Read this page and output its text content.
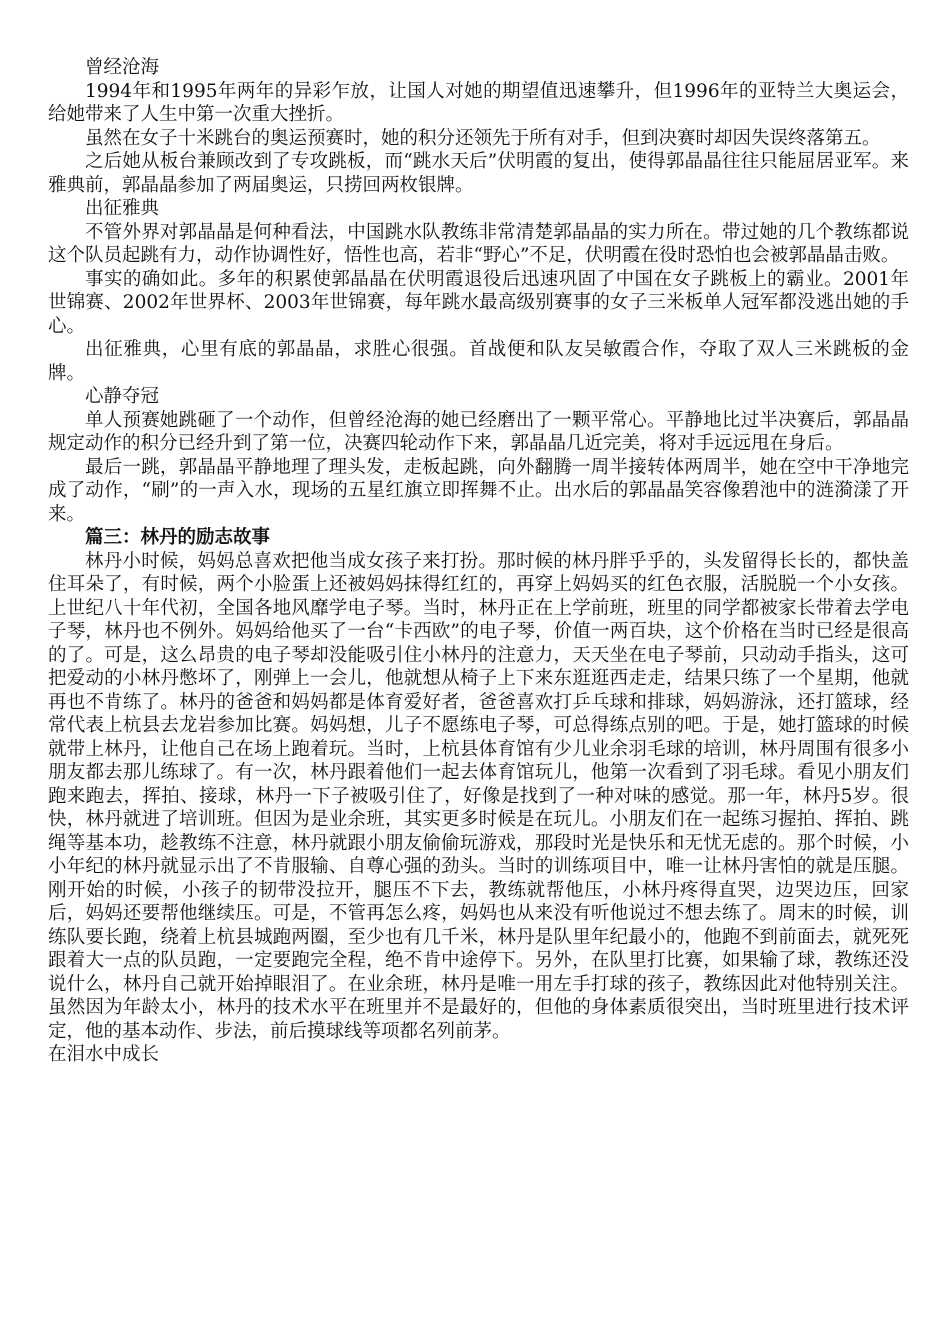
曾经沧海

1994年和1995年两年的异彩乍放，让国人对她的期望值迅速攀升，但1996年的亚特兰大奥运会，给她带来了人生中第一次重大挫折。

虽然在女子十米跳台的奥运预赛时，她的积分还领先于所有对手，但到决赛时却因失误终落第五。

之后她从板台兼顾改到了专攻跳板，而“跳水天后”伏明霞的复出，使得郭晶晶往往只能屈居亚军。来雅典前，郭晶晶参加了两届奥运，只捞回两枚银牌。

出征雅典

不管外界对郭晶晶是何种看法，中国跳水队教练非常清楚郭晶晶的实力所在。带过她的几个教练都说这个队员起跳有力，动作协调性好，悟性也高，若非“野心”不足，伏明霞在役时恐怕也会被郭晶晶击败。

事实的确如此。多年的积累使郭晶晶在伏明霞退役后迅速巩固了中国在女子跳板上的霸业。2001年世锦赛、2002年世界杯、2003年世锦赛，每年跳水最高级别赛事的女子三米板单人冠军都没逃出她的手心。

出征雅典，心里有底的郭晶晶，求胜心很强。首战便和队友吴敏霞合作，夺取了双人三米跳板的金牌。

心静夺冠

单人预赛她跳砸了一个动作，但曾经沧海的她已经磨出了一颗平常心。平静地比过半决赛后，郭晶晶规定动作的积分已经升到了第一位，决赛四轮动作下来，郭晶晶几近完美，将对手远远甩在身后。

最后一跳，郭晶晶平静地理了理头发，走板起跳，向外翻腾一周半接转体两周半，她在空中干净地完成了动作，“刷”的一声入水，现场的五星红旗立即挥舞不止。出水后的郭晶晶笑容像碧池中的涟漪漾了开来。

篇三：林丹的励志故事

林丹小时候，妈妈总喜欢把他当成女孩子来打扮。那时候的林丹胖乎乎的，头发留得长长的，都快盖住耳朵了，有时候，两个小脸蛋上还被妈妈抹得红红的，再穿上妈妈买的红色衣服，活脱脱一个小女孩。上世纪八十年代初，全国各地风靡学电子琴。当时，林丹正在上学前班，班里的同学都被家长带着去学电子琴，林丹也不例外。妈妈给他买了一台“卡西欧”的电子琴，价值一两百块，这个价格在当时已经是很高的了。可是，这么昂贵的电子琴却没能吸引住小林丹的注意力，天天坐在电子琴前，只动动手指头，这可把爱动的小林丹憋坏了，刚弹上一会儿，他就想从椅子上下来东逛逛西走走，结果只练了一个星期，他就再也不肯练了。林丹的爸爸和妈妈都是体育爱好者，爸爸喜欢打乒乓球和排球，妈妈游泳，还打篮球，经常代表上杭县去龙岩参加比赛。妈妈想，儿子不愿练电子琴，可总得练点别的吧。于是，她打篮球的时候就带上林丹，让他自己在场上跑着玩。当时，上杭县体育馆有少儿业余羽毛球的培训，林丹周围有很多小朋友都去那儿练球了。有一次，林丹跟着他们一起去体育馆玩儿，他第一次看到了羽毛球。看见小朋友们跑来跑去，挥拍、接球，林丹一下子被吸引住了，好像是找到了一种对味的感觉。那一年，林丹5岁。很快，林丹就进了培训班。但因为是业余班，其实更多时候是在玩儿。小朋友们在一起练习握拍、挥拍、跳绳等基本功，趁教练不注意，林丹就跟小朋友偷偷玩游戏，那段时光是快乐和无忧无虑的。那个时候，小小年纪的林丹就显示出了不肯服输、自尊心强的劲头。当时的训练项目中，唯一让林丹害怕的就是压腿。刚开始的时候，小孩子的韧带没拉开，腿压不下去，教练就帮他压，小林丹疼得直哭，边哭边压，回家后，妈妈还要帮他继续压。可是，不管再怎么疼，妈妈也从来没有听他说过不想去练了。周末的时候，训练队要长跑，绕着上杭县城跑两圈，至少也有几千米，林丹是队里年纪最小的，他跑不到前面去，就死死跟着大一点的队员跑，一定要跑完全程，绝不肯中途停下。另外，在队里打比赛，如果输了球，教练还没说什么，林丹自己就开始掉眼泪了。在业余班，林丹是唯一用左手打球的孩子，教练因此对他特别关注。虽然因为年龄太小，林丹的技术水平在班里并不是最好的，但他的身体素质很突出，当时班里进行技术评定，他的基本动作、步法，前后摸球线等项都名列前茅。

在泪水中成长
